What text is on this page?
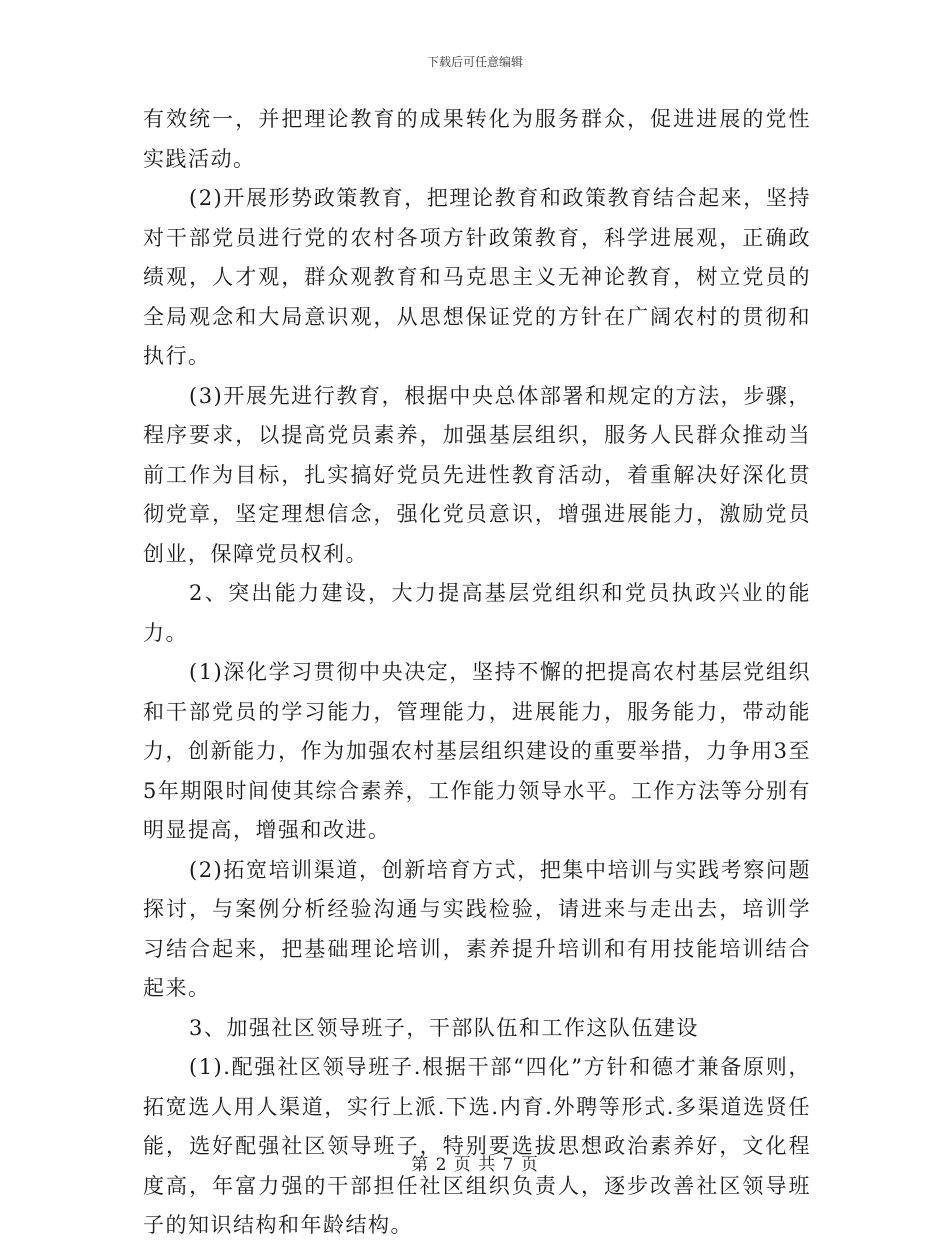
下载后可任意编辑

有效统一，并把理论教育的成果转化为服务群众，促进进展的党性实践活动。

(2)开展形势政策教育，把理论教育和政策教育结合起来，坚持对干部党员进行党的农村各项方针政策教育，科学进展观，正确政绩观，人才观，群众观教育和马克思主义无神论教育，树立党员的全局观念和大局意识观，从思想保证党的方针在广阔农村的贯彻和执行。

(3)开展先进行教育，根据中央总体部署和规定的方法，步骤，程序要求，以提高党员素养，加强基层组织，服务人民群众推动当前工作为目标，扎实搞好党员先进性教育活动，着重解决好深化贯彻党章，坚定理想信念，强化党员意识，增强进展能力，激励党员创业，保障党员权利。

2、突出能力建设，大力提高基层党组织和党员执政兴业的能力。

(1)深化学习贯彻中央决定，坚持不懈的把提高农村基层党组织和干部党员的学习能力，管理能力，进展能力，服务能力，带动能力，创新能力，作为加强农村基层组织建设的重要举措，力争用3至5年期限时间使其综合素养，工作能力领导水平。工作方法等分别有明显提高，增强和改进。

(2)拓宽培训渠道，创新培育方式，把集中培训与实践考察问题探讨，与案例分析经验沟通与实践检验，请进来与走出去，培训学习结合起来，把基础理论培训，素养提升培训和有用技能培训结合起来。

3、加强社区领导班子，干部队伍和工作这队伍建设

(1).配强社区领导班子.根据干部“四化”方针和德才兼备原则，拓宽选人用人渠道，实行上派.下选.内育.外聘等形式.多渠道选贤任能，选好配强社区领导班子，特别要选拔思想政治素养好，文化程度高，年富力强的干部担任社区组织负责人，逐步改善社区领导班子的知识结构和年龄结构。

第 2 页 共 7 页
